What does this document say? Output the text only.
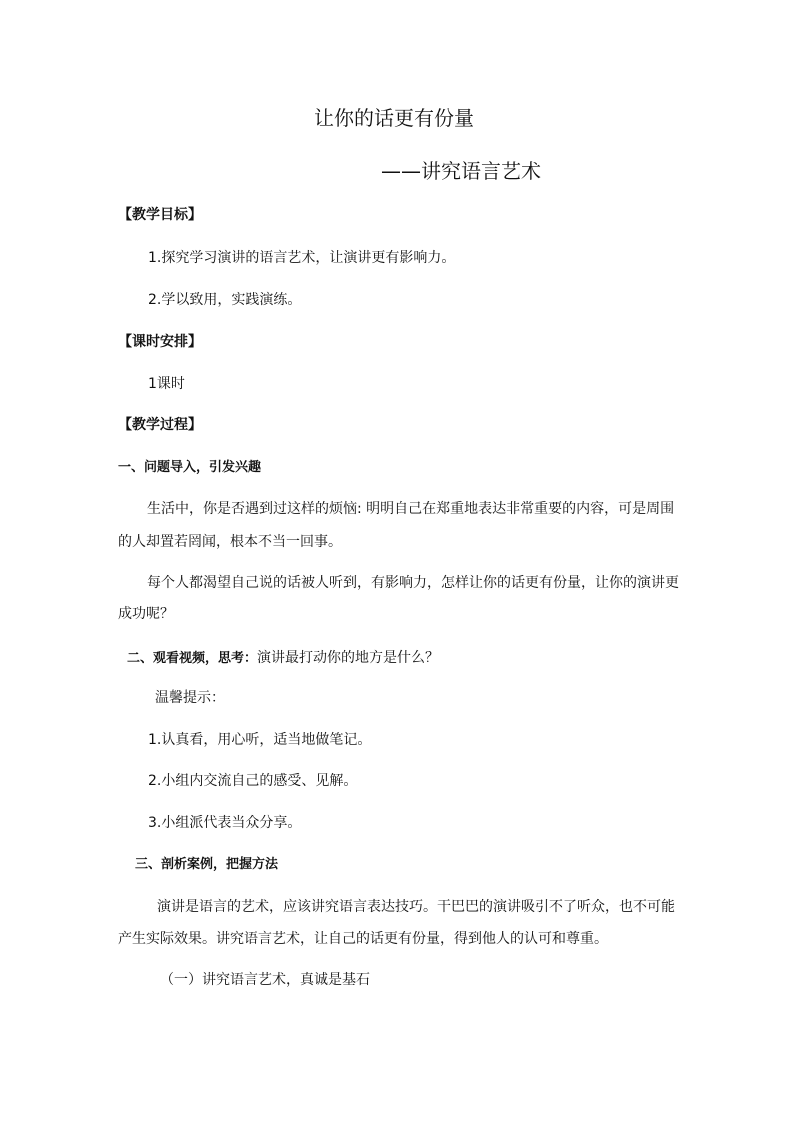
让你的话更有份量
——讲究语言艺术
【教学目标】
1.探究学习演讲的语言艺术，让演讲更有影响力。
2.学以致用，实践演练。
【课时安排】
1课时
【教学过程】
一、问题导入，引发兴趣
生活中，你是否遇到过这样的烦恼: 明明自己在郑重地表达非常重要的内容，可是周围
的人却置若罔闻，根本不当一回事。
每个人都渴望自己说的话被人听到，有影响力，怎样让你的话更有份量，让你的演讲更
成功呢？
二、观看视频，思考：演讲最打动你的地方是什么？
温馨提示：
1.认真看，用心听，适当地做笔记。
2.小组内交流自己的感受、见解。
3.小组派代表当众分享。
三、剖析案例，把握方法
演讲是语言的艺术，应该讲究语言表达技巧。干巴巴的演讲吸引不了听众，也不可能
产生实际效果。讲究语言艺术，让自己的话更有份量，得到他人的认可和尊重。
（一）讲究语言艺术，真诚是基石
